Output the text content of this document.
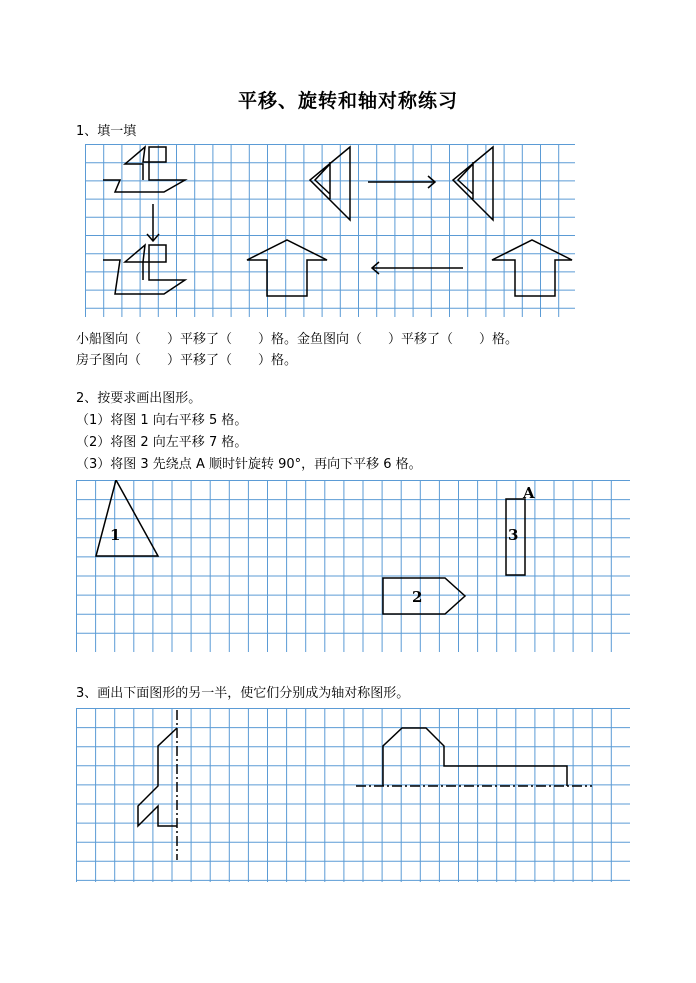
平移、旋转和轴对称练习
1、填一填
小船图向（　　）平移了（　　）格。金鱼图向（　　）平移了（　　）格。
房子图向（　　）平移了（　　）格。
2、按要求画出图形。
（1）将图 1 向右平移 5 格。
（2）将图 2 向左平移 7 格。
（3）将图 3 先绕点 A 顺时针旋转 90°，再向下平移 6 格。
1
2
3
A
3、画出下面图形的另一半，使它们分别成为轴对称图形。
